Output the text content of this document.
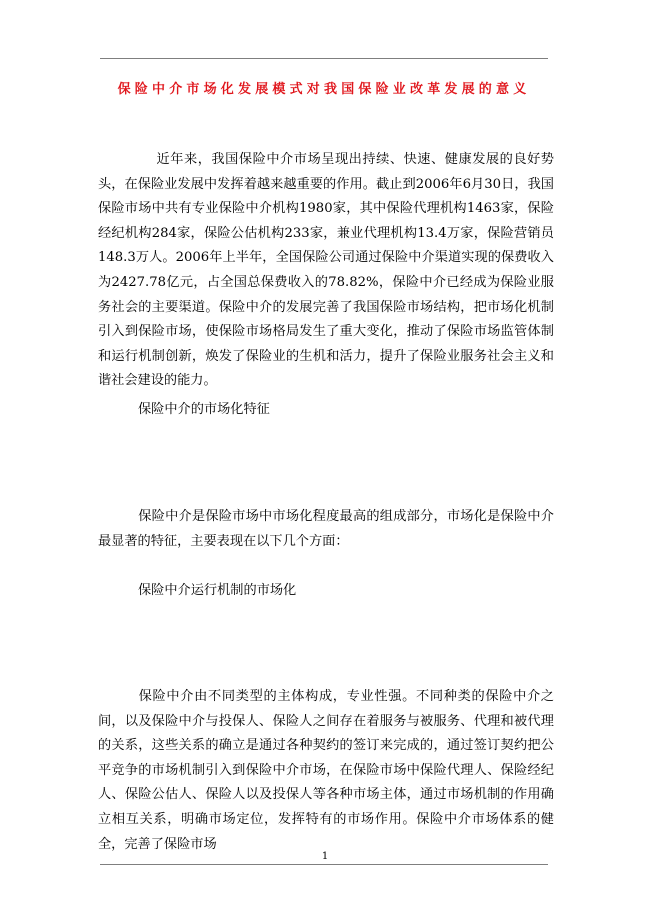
保险中介市场化发展模式对我国保险业改革发展的意义

近年来，我国保险中介市场呈现出持续、快速、健康发展的良好势头，在保险业发展中发挥着越来越重要的作用。截止到2006年6月30日，我国保险市场中共有专业保险中介机构1980家，其中保险代理机构1463家，保险经纪机构284家，保险公估机构233家，兼业代理机构13.4万家，保险营销员148.3万人。2006年上半年，全国保险公司通过保险中介渠道实现的保费收入为2427.78亿元，占全国总保费收入的78.82%，保险中介已经成为保险业服务社会的主要渠道。保险中介的发展完善了我国保险市场结构，把市场化机制引入到保险市场，使保险市场格局发生了重大变化，推动了保险市场监管体制和运行机制创新，焕发了保险业的生机和活力，提升了保险业服务社会主义和谐社会建设的能力。

保险中介的市场化特征

保险中介是保险市场中市场化程度最高的组成部分，市场化是保险中介最显著的特征，主要表现在以下几个方面：

保险中介运行机制的市场化

保险中介由不同类型的主体构成，专业性强。不同种类的保险中介之间，以及保险中介与投保人、保险人之间存在着服务与被服务、代理和被代理的关系，这些关系的确立是通过各种契约的签订来完成的，通过签订契约把公平竞争的市场机制引入到保险中介市场，在保险市场中保险代理人、保险经纪人、保险公估人、保险人以及投保人等各种市场主体，通过市场机制的作用确立相互关系，明确市场定位，发挥特有的市场作用。保险中介市场体系的健全，完善了保险市场

1
